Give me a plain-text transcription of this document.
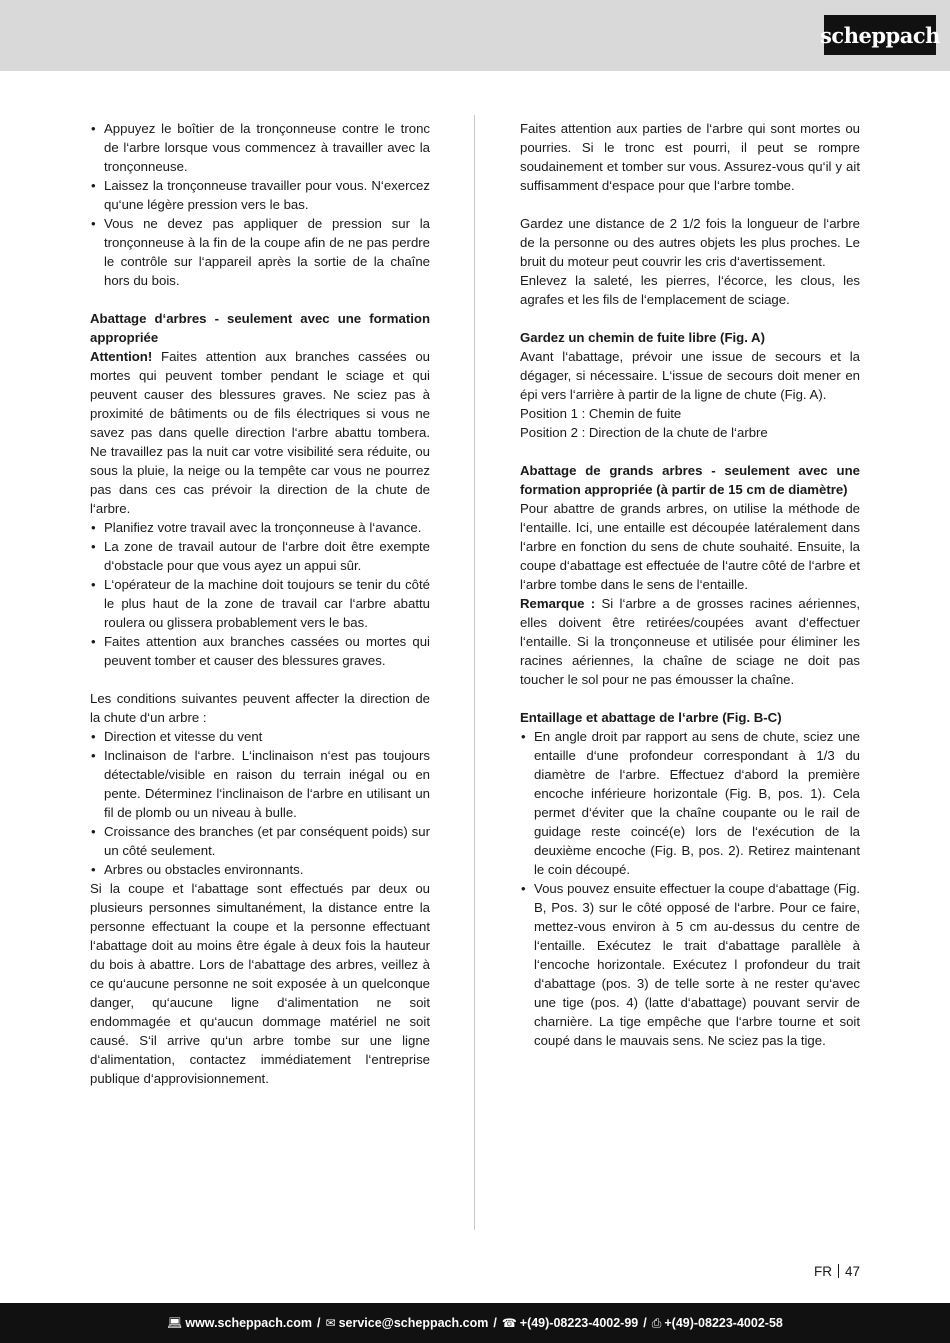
scheppach
• Appuyez le boîtier de la tronçonneuse contre le tronc de l‘arbre lorsque vous commencez à travailler avec la tronçonneuse.
• Laissez la tronçonneuse travailler pour vous. N‘exercez qu‘une légère pression vers le bas.
• Vous ne devez pas appliquer de pression sur la tronçonneuse à la fin de la coupe afin de ne pas perdre le contrôle sur l‘appareil après la sortie de la chaîne hors du bois.
Abattage d‘arbres - seulement avec une formation appropriée

Attention! Faites attention aux branches cassées ou mortes qui peuvent tomber pendant le sciage et qui peuvent causer des blessures graves. Ne sciez pas à proximité de bâtiments ou de fils électriques si vous ne savez pas dans quelle direction l‘arbre abattu tombera. Ne travaillez pas la nuit car votre visibilité sera réduite, ou sous la pluie, la neige ou la tempête car vous ne pourrez pas dans ces cas prévoir la direction de la chute de l‘arbre.

• Planifiez votre travail avec la tronçonneuse à l‘avance.
• La zone de travail autour de l‘arbre doit être exempte d‘obstacle pour que vous ayez un appui sûr.
• L‘opérateur de la machine doit toujours se tenir du côté le plus haut de la zone de travail car l‘arbre abattu roulera ou glissera probablement vers le bas.
• Faites attention aux branches cassées ou mortes qui peuvent tomber et causer des blessures graves.

Les conditions suivantes peuvent affecter la direction de la chute d‘un arbre :

• Direction et vitesse du vent
• Inclinaison de l‘arbre. L‘inclinaison n‘est pas toujours détectable/visible en raison du terrain inégal ou en pente. Déterminez l‘inclinaison de l‘arbre en utilisant un fil de plomb ou un niveau à bulle.
• Croissance des branches (et par conséquent poids) sur un côté seulement.
• Arbres ou obstacles environnants.

Si la coupe et l‘abattage sont effectués par deux ou plusieurs personnes simultanément, la distance entre la personne effectuant la coupe et la personne effectuant l‘abattage doit au moins être égale à deux fois la hauteur du bois à abattre. Lors de l‘abattage des arbres, veillez à ce qu‘aucune personne ne soit exposée à un quelconque danger, qu‘aucune ligne d‘alimentation ne soit endommagée et qu‘aucun dommage matériel ne soit causé. S‘il arrive qu‘un arbre tombe sur une ligne d‘alimentation, contactez immédiatement l‘entreprise publique d‘approvisionnement.

Faites attention aux parties de l‘arbre qui sont mortes ou pourries. Si le tronc est pourri, il peut se rompre soudainement et tomber sur vous. Assurez-vous qu‘il y ait suffisamment d‘espace pour que l‘arbre tombe.

Gardez une distance de 2 1/2 fois la longueur de l‘arbre de la personne ou des autres objets les plus proches. Le bruit du moteur peut couvrir les cris d‘avertissement.

Enlevez la saleté, les pierres, l‘écorce, les clous, les agrafes et les fils de l‘emplacement de sciage.

Gardez un chemin de fuite libre (Fig. A)

Avant l‘abattage, prévoir une issue de secours et la dégager, si nécessaire. L‘issue de secours doit mener en épi vers l‘arrière à partir de la ligne de chute (Fig. A).

Position 1 : Chemin de fuite

Position 2 : Direction de la chute de l‘arbre

Abattage de grands arbres - seulement avec une formation appropriée (à partir de 15 cm de diamètre)

Pour abattre de grands arbres, on utilise la méthode de l‘entaille. Ici, une entaille est découpée latéralement dans l‘arbre en fonction du sens de chute souhaité. Ensuite, la coupe d‘abattage est effectuée de l‘autre côté de l‘arbre et l‘arbre tombe dans le sens de l‘entaille.

Remarque : Si l‘arbre a de grosses racines aériennes, elles doivent être retirées/coupées avant d‘effectuer l‘entaille. Si la tronçonneuse et utilisée pour éliminer les racines aériennes, la chaîne de sciage ne doit pas toucher le sol pour ne pas émousser la chaîne.

Entaillage et abattage de l‘arbre (Fig. B-C)
• En angle droit par rapport au sens de chute, sciez une entaille d‘une profondeur correspondant à 1/3 du diamètre de l‘arbre. Effectuez d‘abord la première encoche inférieure horizontale (Fig. B, pos. 1). Cela permet d‘éviter que la chaîne coupante ou le rail de guidage reste coincé(e) lors de l‘exécution de la deuxième encoche (Fig. B, pos. 2). Retirez maintenant le coin découpé.
• Vous pouvez ensuite effectuer la coupe d‘abattage (Fig. B, Pos. 3) sur le côté opposé de l‘arbre. Pour ce faire, mettez-vous environ à 5 cm au-dessus du centre de l‘entaille. Exécutez le trait d‘abattage parallèle à l‘encoche horizontale. Exécutez l profondeur du trait d‘abattage (pos. 3) de telle sorte à ne rester qu‘avec une tige (pos. 4) (latte d‘abattage) pouvant servir de charnière. La tige empêche que l‘arbre tourne et soit coupé dans le mauvais sens. Ne sciez pas la tige.
FR 47
💻︎ www.scheppach.com / ✉︎ service@scheppach.com / ☎︎ +(49)-08223-4002-99 / ⎙ +(49)-08223-4002-58
